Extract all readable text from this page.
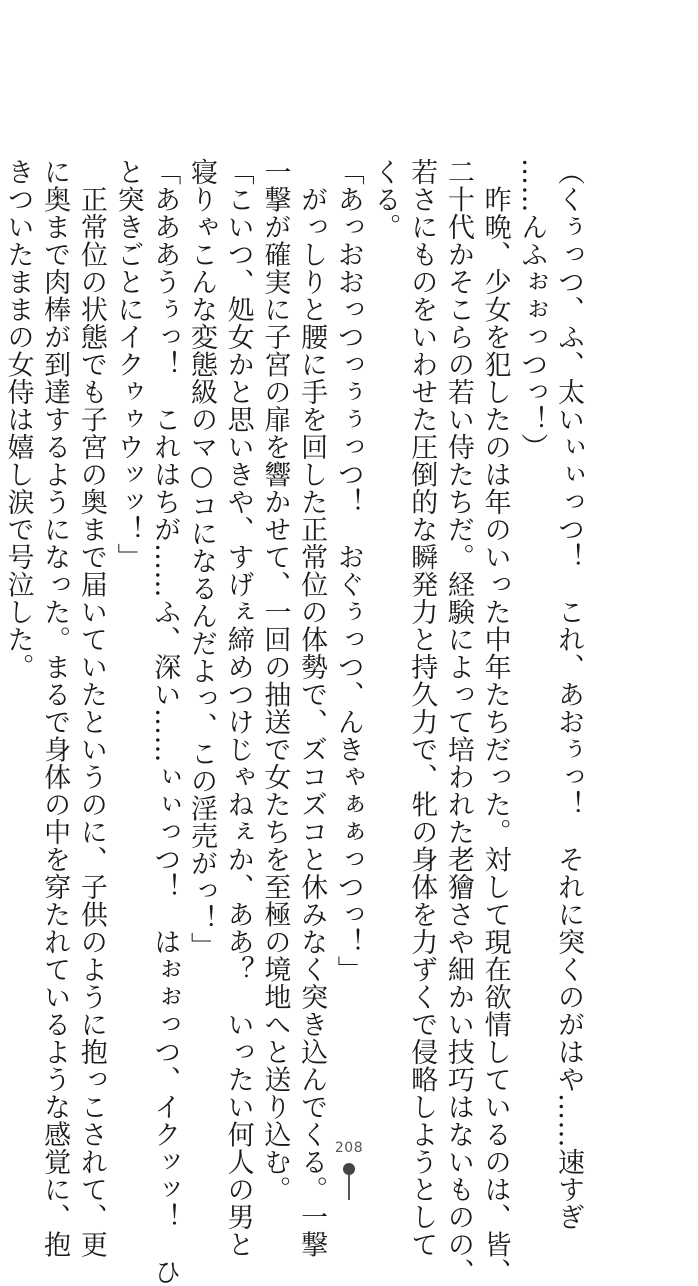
（くぅっつ、ふ、太いぃぃっつ！　これ、あおぅっ！　それに突くのがはや……速すぎ
……んふぉぉっつっ！）
　昨晩、少女を犯したのは年のいった中年たちだった。対して現在欲情しているのは、皆、
二十代かそこらの若い侍たちだ。経験によって培われた老獪さや細かい技巧はないものの、
若さにものをいわせた圧倒的な瞬発力と持久力で、牝の身体を力ずくで侵略しようとして
くる。
「あっおおっつっぅぅっつ！　おぐぅっつ、んきゃぁぁっつっ！」
　がっしりと腰に手を回した正常位の体勢で、ズコズコと休みなく突き込んでくる。一撃
一撃が確実に子宮の扉を響かせて、一回の抽送で女たちを至極の境地へと送り込む。
「こいつ、処女かと思いきや、すげぇ締めつけじゃねぇか、ああ？　いったい何人の男と
寝りゃこんな変態級のマ○コになるんだよっ、この淫売がっ！」
「あああうぅっ！　これはちが……ふ、深い……ぃぃっつ！　はぉぉっつ、イクッッ！　ひ
と突きごとにイクゥゥウッッ！」
　正常位の状態でも子宮の奥まで届いていたというのに、子供のように抱っこされて、更
に奥まで肉棒が到達するようになった。まるで身体の中を穿たれているような感覚に、抱
きついたままの女侍は嬉し涙で号泣した。
208
